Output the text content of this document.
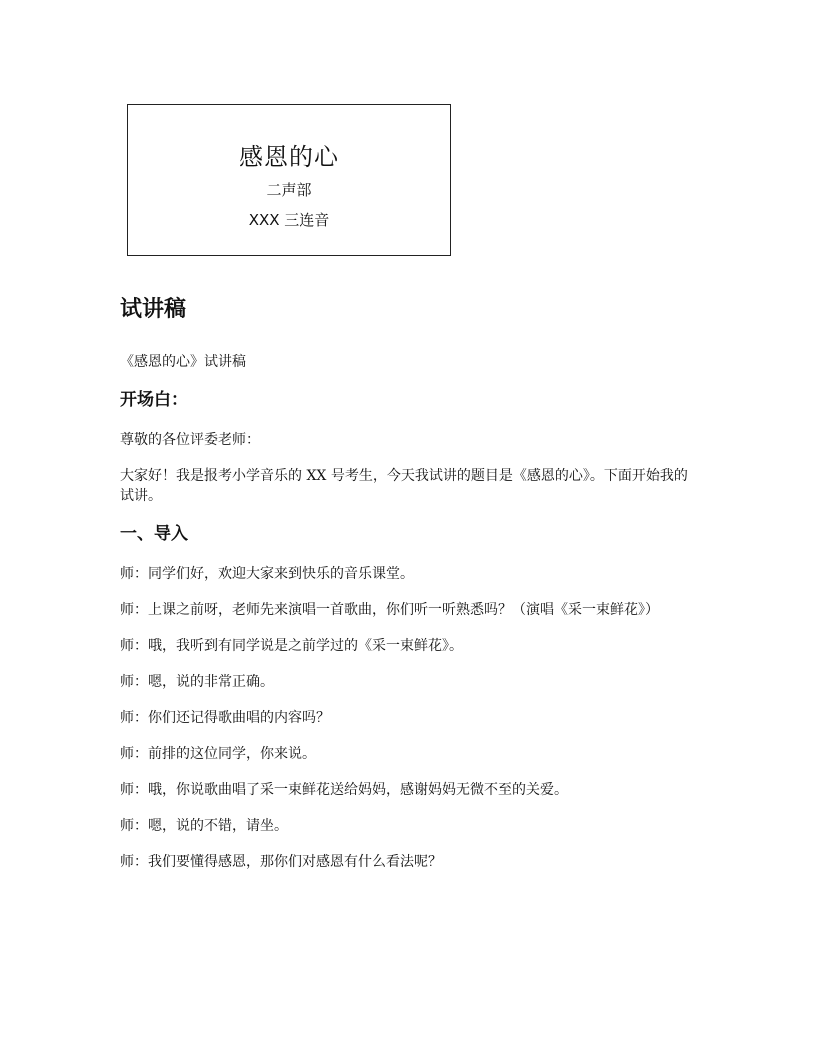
感恩的心
二声部
XXX 三连音
试讲稿

《感恩的心》试讲稿

开场白：

尊敬的各位评委老师：

大家好！我是报考小学音乐的 XX 号考生，今天我试讲的题目是《感恩的心》。下面开始我的试讲。

一、导入

师：同学们好，欢迎大家来到快乐的音乐课堂。

师：上课之前呀，老师先来演唱一首歌曲，你们听一听熟悉吗？（演唱《采一束鲜花》）

师：哦，我听到有同学说是之前学过的《采一束鲜花》。

师：嗯，说的非常正确。

师：你们还记得歌曲唱的内容吗？

师：前排的这位同学，你来说。

师：哦，你说歌曲唱了采一束鲜花送给妈妈，感谢妈妈无微不至的关爱。

师：嗯，说的不错，请坐。

师：我们要懂得感恩，那你们对感恩有什么看法呢？
